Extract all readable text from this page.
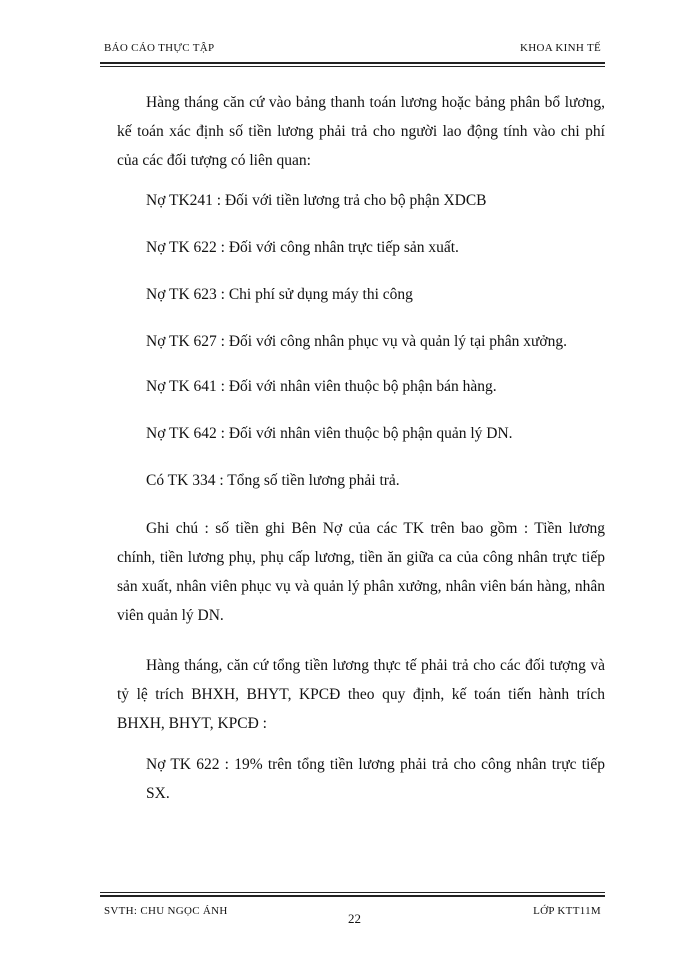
BÁO CÁO THỰC TẬP	KHOA KINH TẾ
Hàng tháng căn cứ vào bảng thanh toán lương hoặc bảng phân bổ lương, kế toán xác định số tiền lương phải trả cho người lao động tính vào chi phí của các đối tượng có liên quan:
Nợ TK241 : Đối với tiền lương trả cho bộ phận XDCB
Nợ TK 622 : Đối với công nhân trực tiếp sản xuất.
Nợ TK 623 : Chi phí sử dụng máy thi công
Nợ TK 627 : Đối với công nhân phục vụ và quản lý tại phân xưởng.
Nợ TK 641 : Đối với nhân viên thuộc bộ phận bán hàng.
Nợ TK 642 : Đối với nhân viên thuộc bộ phận quản lý DN.
Có TK 334 : Tổng số tiền lương phải trả.
Ghi chú : số tiền ghi Bên Nợ của các TK trên bao gồm : Tiền lương chính, tiền lương phụ, phụ cấp lương, tiền ăn giữa ca của công nhân trực tiếp sản xuất, nhân viên phục vụ và quản lý phân xưởng, nhân viên bán hàng, nhân viên quản lý DN.
Hàng tháng, căn cứ tổng tiền lương thực tế phải trả cho các đối tượng và tỷ lệ trích BHXH, BHYT, KPCĐ theo quy định, kế toán tiến hành trích BHXH, BHYT, KPCĐ :
Nợ TK 622 : 19% trên tổng tiền lương phải trả cho công nhân trực tiếp SX.
SVTH: CHU NGỌC ÁNH	22	LỚP KTT11M
